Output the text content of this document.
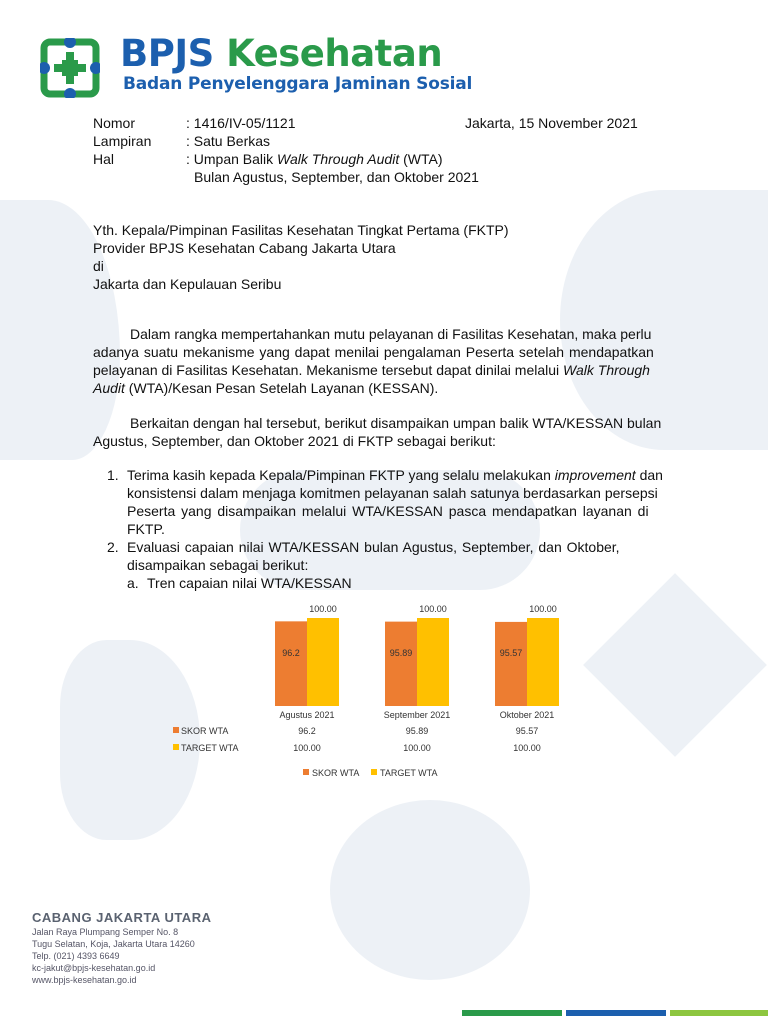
BPJS Kesehatan
Badan Penyelenggara Jaminan Sosial
Nomor	: 1416/IV-05/1121	Jakarta, 15 November 2021
Lampiran : Satu Berkas
Hal	: Umpan Balik Walk Through Audit (WTA)
Bulan Agustus, September, dan Oktober 2021
Yth. Kepala/Pimpinan Fasilitas Kesehatan Tingkat Pertama (FKTP)
Provider BPJS Kesehatan Cabang Jakarta Utara
di
Jakarta dan Kepulauan Seribu
Dalam rangka mempertahankan mutu pelayanan di Fasilitas Kesehatan, maka perlu
adanya suatu mekanisme yang dapat menilai pengalaman Peserta setelah mendapatkan
pelayanan di Fasilitas Kesehatan. Mekanisme tersebut dapat dinilai melalui Walk Through
Audit (WTA)/Kesan Pesan Setelah Layanan (KESSAN).
Berkaitan dengan hal tersebut, berikut disampaikan umpan balik WTA/KESSAN bulan
Agustus, September, dan Oktober 2021 di FKTP sebagai berikut:
1. Terima kasih kepada Kepala/Pimpinan FKTP yang selalu melakukan improvement dan
konsistensi dalam menjaga komitmen pelayanan salah satunya berdasarkan persepsi
Peserta yang disampaikan melalui WTA/KESSAN pasca mendapatkan layanan di
FKTP.
2. Evaluasi capaian nilai WTA/KESSAN bulan Agustus, September, dan Oktober,
disampaikan sebagai berikut:
a. Tren capaian nilai WTA/KESSAN
96.2
100.00
Agustus 2021
95.89
100.00
September 2021
95.57
100.00
Oktober 2021
SKOR WTA	96.2	95.89	95.57
TARGET WTA	100.00	100.00	100.00
SKOR WTA TARGET WTA
CABANG JAKARTA UTARA
Jalan Raya Plumpang Semper No. 8
Tugu Selatan, Koja, Jakarta Utara 14260
Telp. (021) 4393 6649
kc-jakut@bpjs-kesehatan.go.id
www.bpjs-kesehatan.go.id
